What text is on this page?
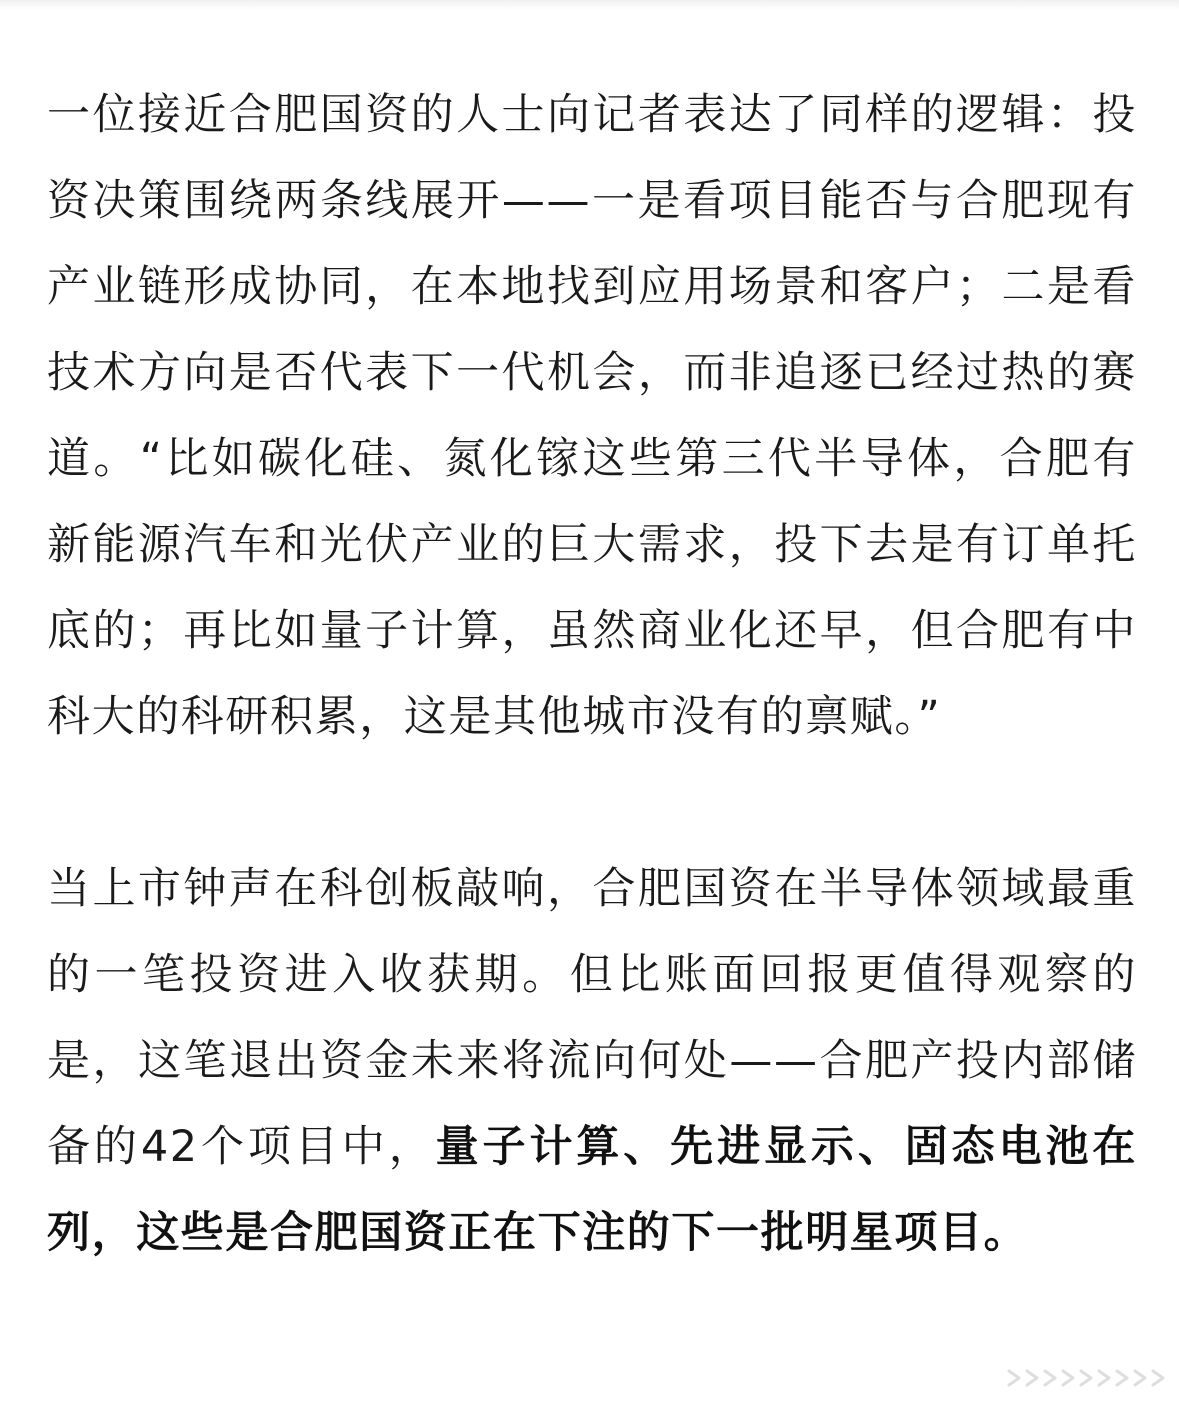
一位接近合肥国资的人士向记者表达了同样的逻辑：投资决策围绕两条线展开——一是看项目能否与合肥现有产业链形成协同，在本地找到应用场景和客户；二是看技术方向是否代表下一代机会，而非追逐已经过热的赛道。“比如碳化硅、氮化镓这些第三代半导体，合肥有新能源汽车和光伏产业的巨大需求，投下去是有订单托底的；再比如量子计算，虽然商业化还早，但合肥有中科大的科研积累，这是其他城市没有的禀赋。”

当上市钟声在科创板敲响，合肥国资在半导体领域最重的一笔投资进入收获期。但比账面回报更值得观察的是，这笔退出资金未来将流向何处——合肥产投内部储备的42个项目中，量子计算、先进显示、固态电池在列，这些是合肥国资正在下注的下一批明星项目。
